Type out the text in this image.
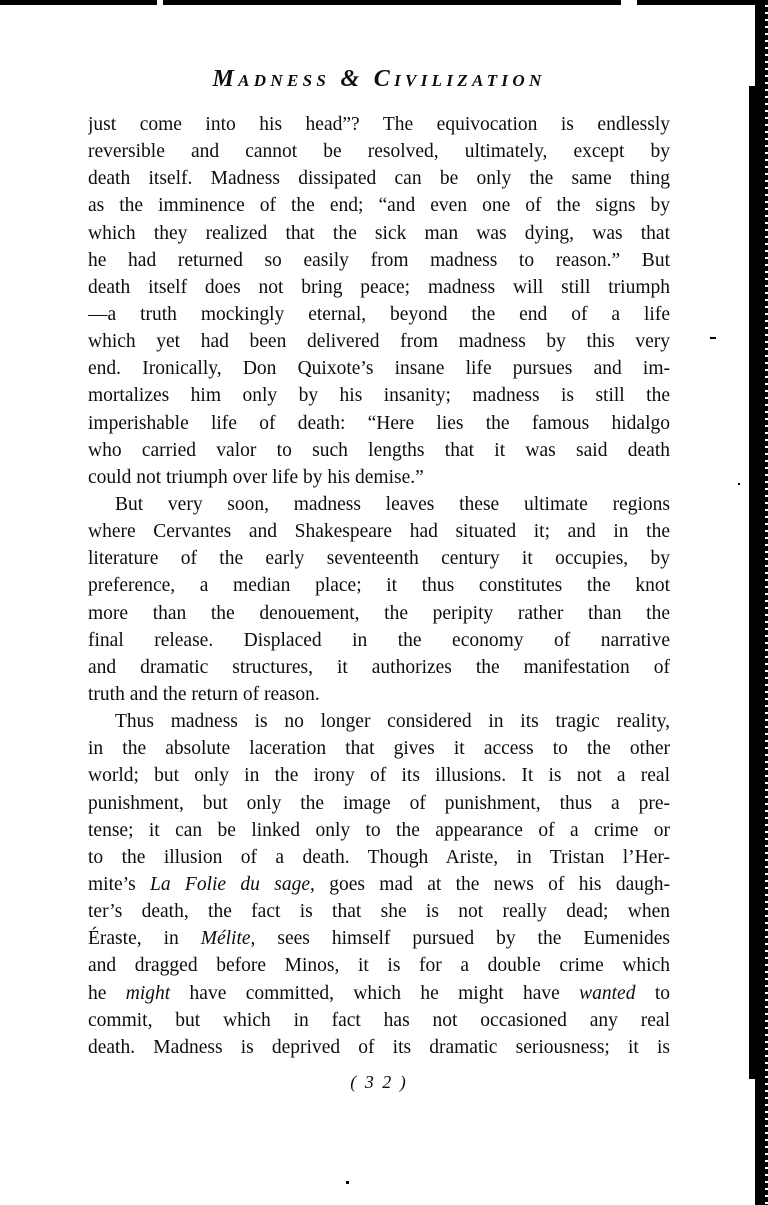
Madness & Civilization
just come into his head”? The equivocation is endlessly
reversible and cannot be resolved, ultimately, except by
death itself. Madness dissipated can be only the same thing
as the imminence of the end; “and even one of the signs by
which they realized that the sick man was dying, was that
he had returned so easily from madness to reason.” But
death itself does not bring peace; madness will still triumph
—a truth mockingly eternal, beyond the end of a life
which yet had been delivered from madness by this very
end. Ironically, Don Quixote’s insane life pursues and im-
mortalizes him only by his insanity; madness is still the
imperishable life of death: “Here lies the famous hidalgo
who carried valor to such lengths that it was said death
could not triumph over life by his demise.”
But very soon, madness leaves these ultimate regions
where Cervantes and Shakespeare had situated it; and in the
literature of the early seventeenth century it occupies, by
preference, a median place; it thus constitutes the knot
more than the denouement, the peripity rather than the
final release. Displaced in the economy of narrative
and dramatic structures, it authorizes the manifestation of
truth and the return of reason.
Thus madness is no longer considered in its tragic reality,
in the absolute laceration that gives it access to the other
world; but only in the irony of its illusions. It is not a real
punishment, but only the image of punishment, thus a pre-
tense; it can be linked only to the appearance of a crime or
to the illusion of a death. Though Ariste, in Tristan l’Her-
mite’s La Folie du sage, goes mad at the news of his daugh-
ter’s death, the fact is that she is not really dead; when
Éraste, in Mélite, sees himself pursued by the Eumenides
and dragged before Minos, it is for a double crime which
he might have committed, which he might have wanted to
commit, but which in fact has not occasioned any real
death. Madness is deprived of its dramatic seriousness; it is
( 3 2 )
